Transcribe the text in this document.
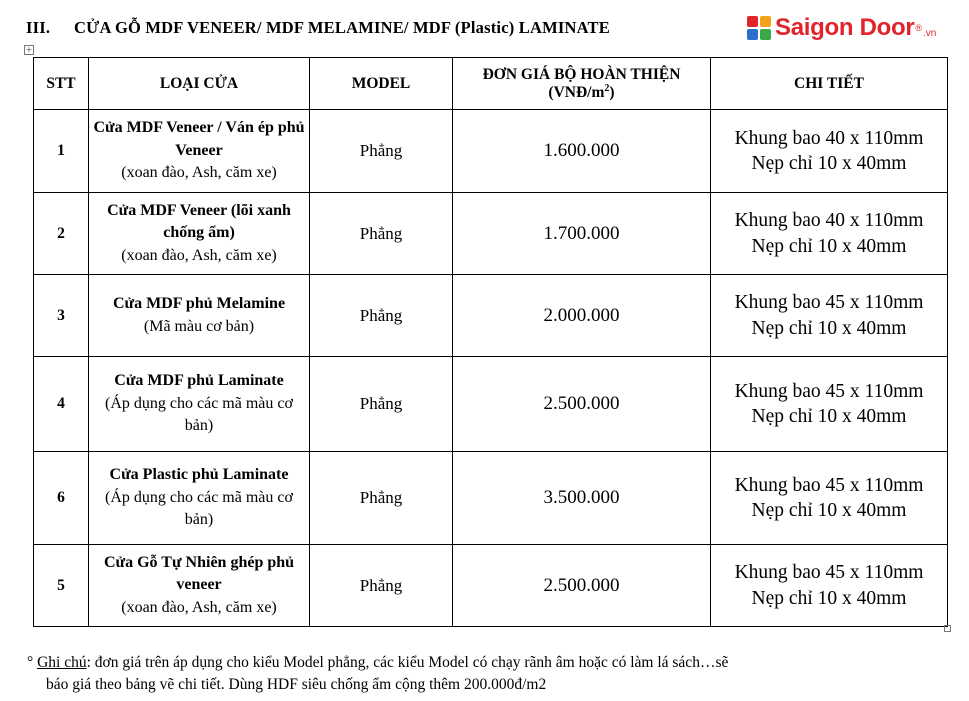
III. CỬA GỖ MDF VENEER/ MDF MELAMINE/ MDF (Plastic) LAMINATE	Saigon Door ® .vn
+
STT	LOẠI CỬA	MODEL	ĐƠN GIÁ BỘ HOÀN THIỆN
$(VNĐ/m^2)$	CHI TIẾT
1	Cửa MDF Veneer / Ván ép phủ Veneer
(xoan đào, Ash, căm xe)	Phẳng	1.600.000	Khung bao 40 x 110mm
Nẹp chỉ 10 x 40mm
2	Cửa MDF Veneer (lõi xanh chống ẩm)
(xoan đào, Ash, căm xe)	Phẳng	1.700.000	Khung bao 40 x 110mm
Nẹp chỉ 10 x 40mm
3	Cửa MDF phủ Melamine
(Mã màu cơ bản)	Phẳng	2.000.000	Khung bao 45 x 110mm
Nẹp chỉ 10 x 40mm
4	Cửa MDF phủ Laminate
(Áp dụng cho các mã màu cơ bản)	Phẳng	2.500.000	Khung bao 45 x 110mm
Nẹp chỉ 10 x 40mm
6	Cửa Plastic phủ Laminate
(Áp dụng cho các mã màu cơ bản)	Phẳng	3.500.000	Khung bao 45 x 110mm
Nẹp chỉ 10 x 40mm
5	Cửa Gỗ Tự Nhiên ghép phủ veneer
(xoan đào, Ash, căm xe)	Phẳng	2.500.000	Khung bao 45 x 110mm
Nẹp chỉ 10 x 40mm
° Ghi chú: đơn giá trên áp dụng cho kiểu Model phẳng, các kiểu Model có chạy rãnh âm hoặc có làm lá sách…sẽ
báo giá theo bảng vẽ chi tiết. Dùng HDF siêu chống ẩm cộng thêm 200.000đ/m2
